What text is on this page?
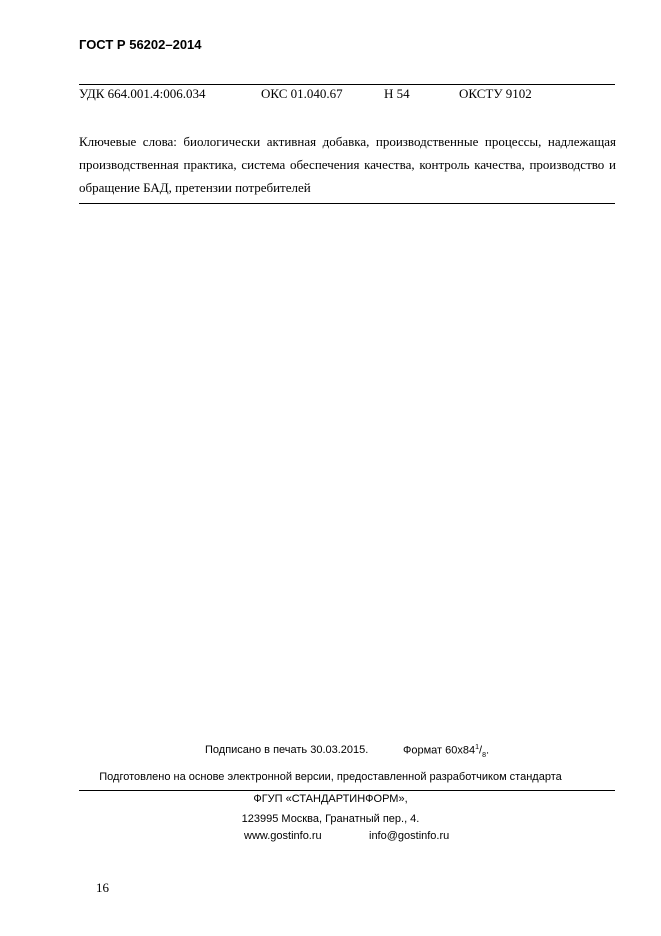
ГОСТ Р 56202–2014
УДК 664.001.4:006.034	ОКС 01.040.67	Н 54	ОКСТУ 9102
Ключевые слова: биологически активная добавка, производственные процессы, надлежащая производственная практика, система обеспечения качества, контроль качества, производство и обращение БАД, претензии потребителей
Подписано в печать 30.03.2015.	Формат $60х84^1/_8$.
Подготовлено на основе электронной версии, предоставленной разработчиком стандарта
ФГУП «СТАНДАРТИНФОРМ»,
123995 Москва, Гранатный пер., 4.
www.gostinfo.ru	info@gostinfo.ru
16
